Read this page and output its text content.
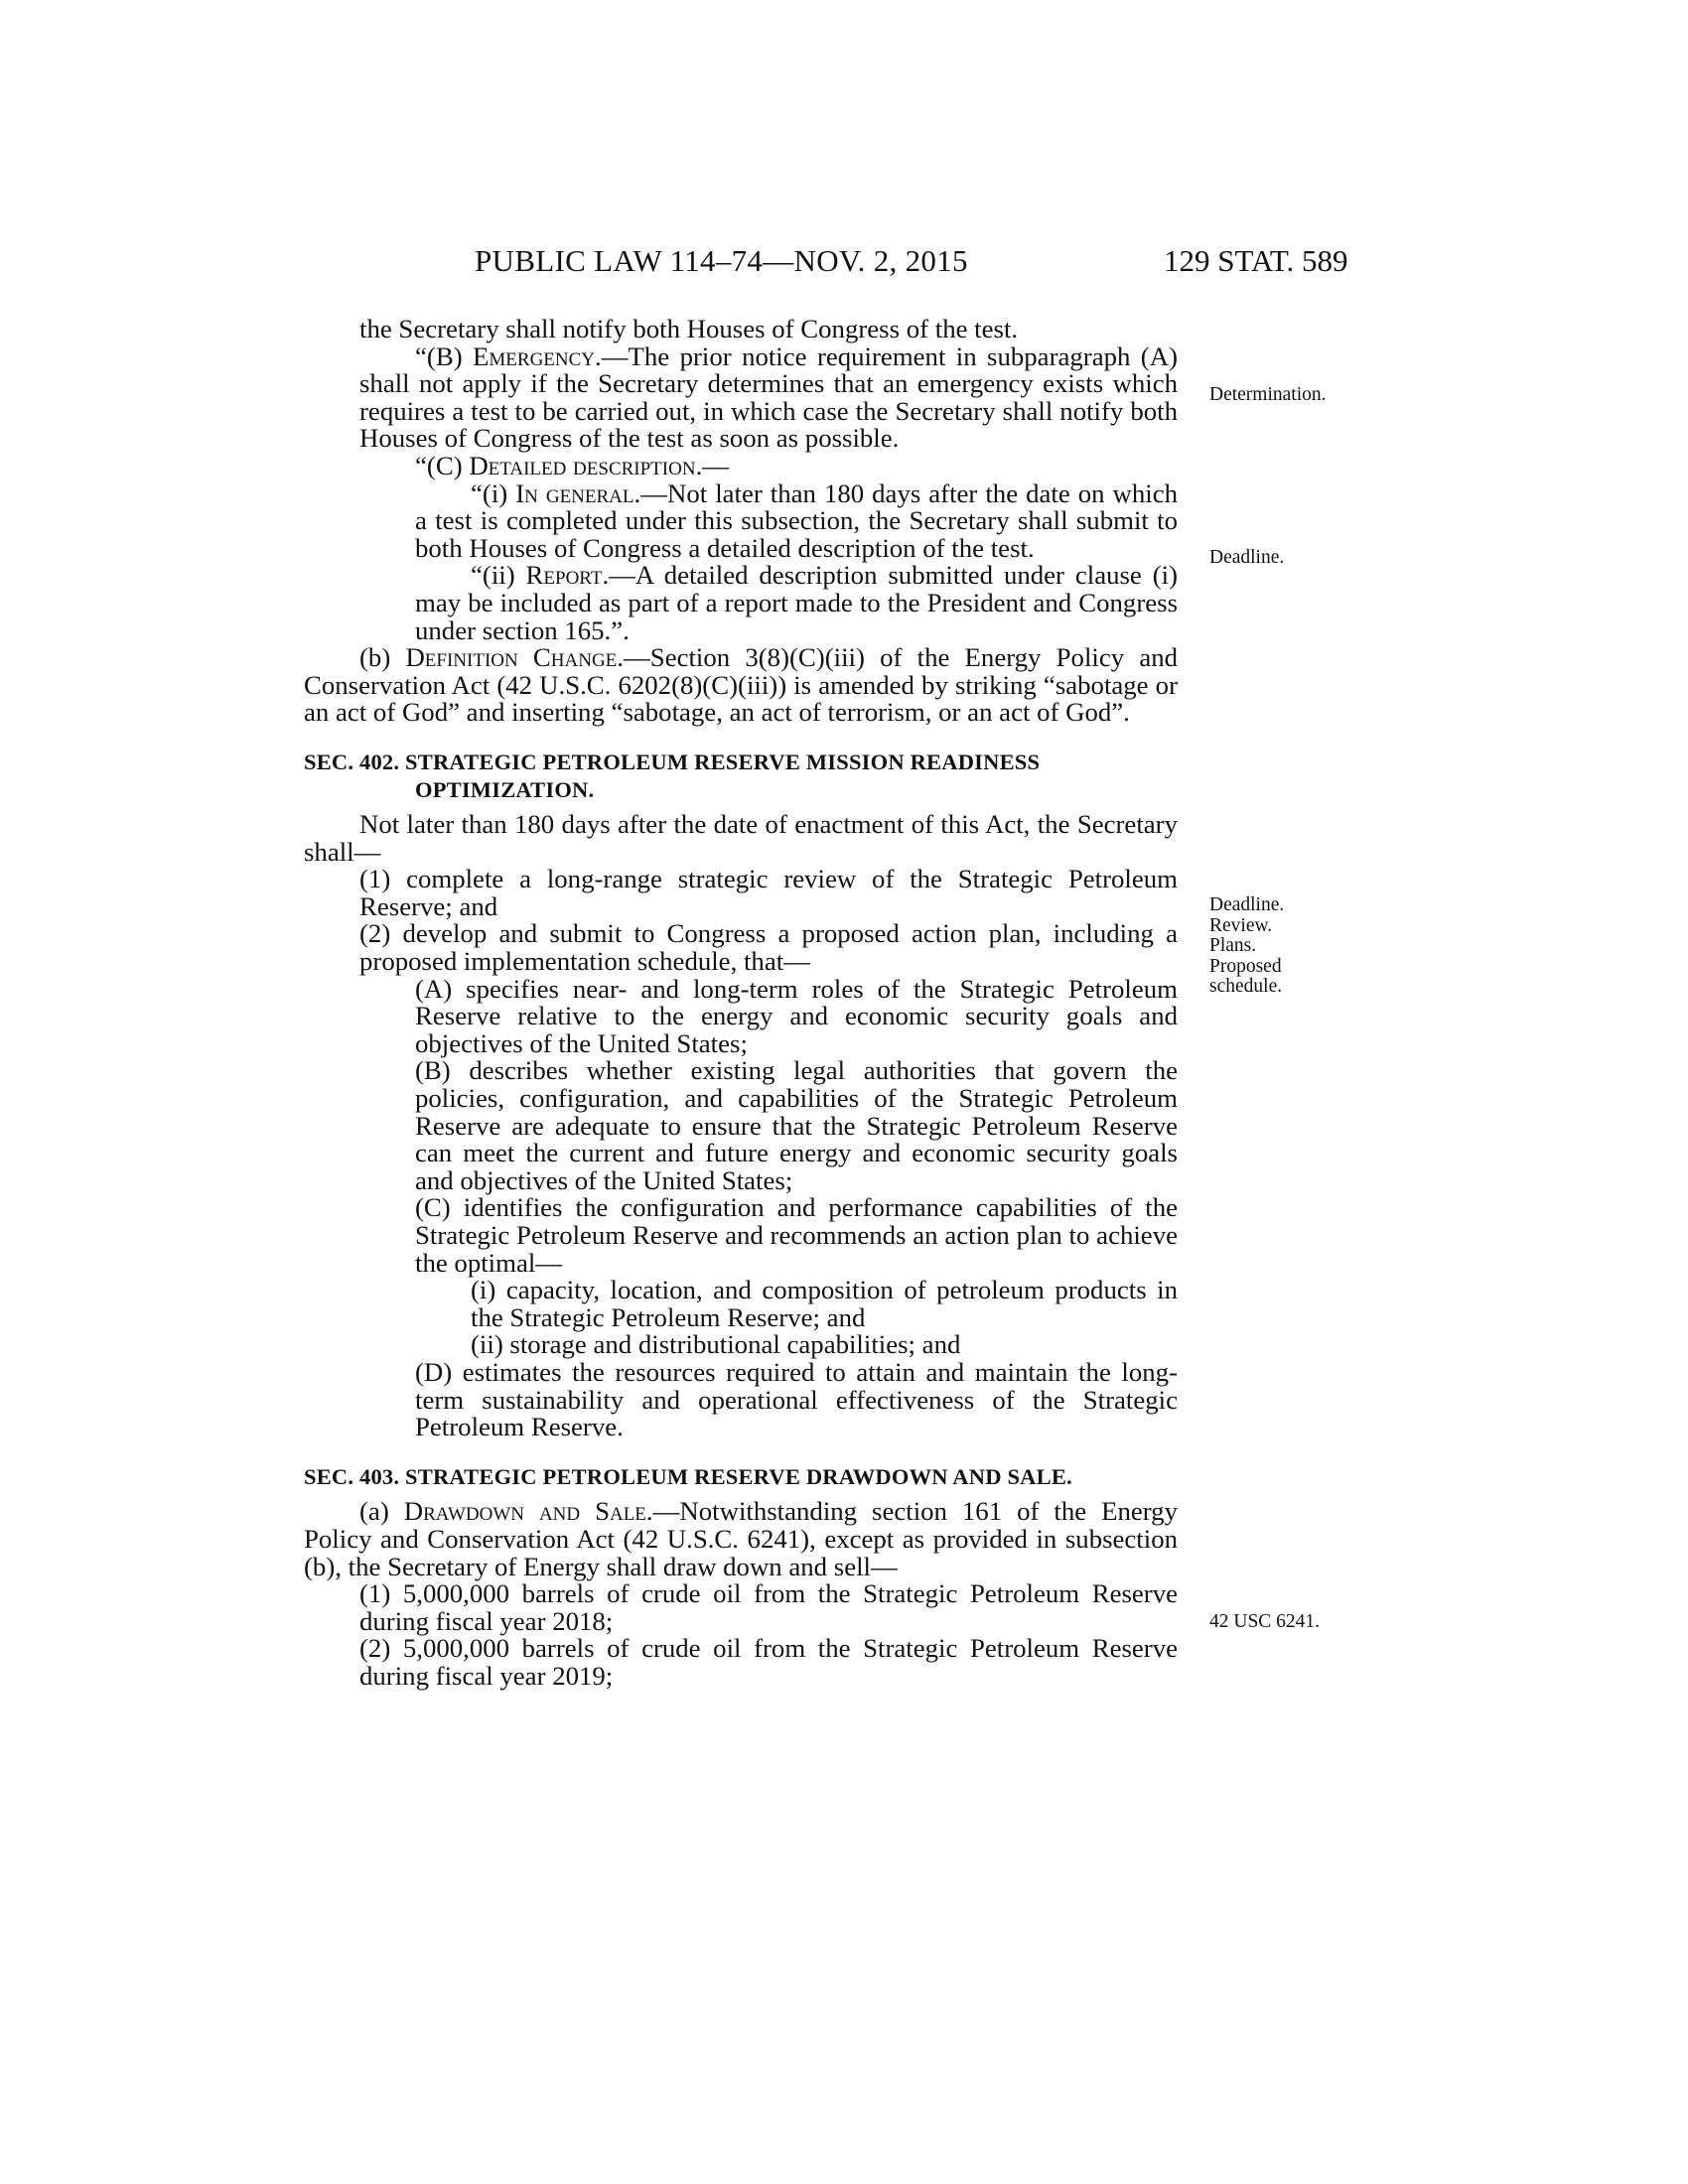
PUBLIC LAW 114–74—NOV. 2, 2015	129 STAT. 589

the Secretary shall notify both Houses of Congress of the test.

“(B) Emergency.—The prior notice requirement in subparagraph (A) shall not apply if the Secretary determines that an emergency exists which requires a test to be carried out, in which case the Secretary shall notify both Houses of Congress of the test as soon as possible.

“(C) Detailed description.—

“(i) In general.—Not later than 180 days after the date on which a test is completed under this subsection, the Secretary shall submit to both Houses of Congress a detailed description of the test.

“(ii) Report.—A detailed description submitted under clause (i) may be included as part of a report made to the President and Congress under section 165.”.

(b) Definition Change.—Section 3(8)(C)(iii) of the Energy Policy and Conservation Act (42 U.S.C. 6202(8)(C)(iii)) is amended by striking “sabotage or an act of God” and inserting “sabotage, an act of terrorism, or an act of God”.

SEC. 402. STRATEGIC PETROLEUM RESERVE MISSION READINESS
OPTIMIZATION.

Not later than 180 days after the date of enactment of this Act, the Secretary shall—

(1) complete a long-range strategic review of the Strategic Petroleum Reserve; and

(2) develop and submit to Congress a proposed action plan, including a proposed implementation schedule, that—

(A) specifies near- and long-term roles of the Strategic Petroleum Reserve relative to the energy and economic security goals and objectives of the United States;

(B) describes whether existing legal authorities that govern the policies, configuration, and capabilities of the Strategic Petroleum Reserve are adequate to ensure that the Strategic Petroleum Reserve can meet the current and future energy and economic security goals and objectives of the United States;

(C) identifies the configuration and performance capabilities of the Strategic Petroleum Reserve and recommends an action plan to achieve the optimal—

(i) capacity, location, and composition of petroleum products in the Strategic Petroleum Reserve; and

(ii) storage and distributional capabilities; and

(D) estimates the resources required to attain and maintain the long-term sustainability and operational effectiveness of the Strategic Petroleum Reserve.

SEC. 403. STRATEGIC PETROLEUM RESERVE DRAWDOWN AND SALE.

(a) Drawdown and Sale.—Notwithstanding section 161 of the Energy Policy and Conservation Act (42 U.S.C. 6241), except as provided in subsection (b), the Secretary of Energy shall draw down and sell—

(1) 5,000,000 barrels of crude oil from the Strategic Petroleum Reserve during fiscal year 2018;

(2) 5,000,000 barrels of crude oil from the Strategic Petroleum Reserve during fiscal year 2019;

Determination.
Deadline.
Deadline.
Review.
Plans.
Proposed
schedule.
42 USC 6241.
